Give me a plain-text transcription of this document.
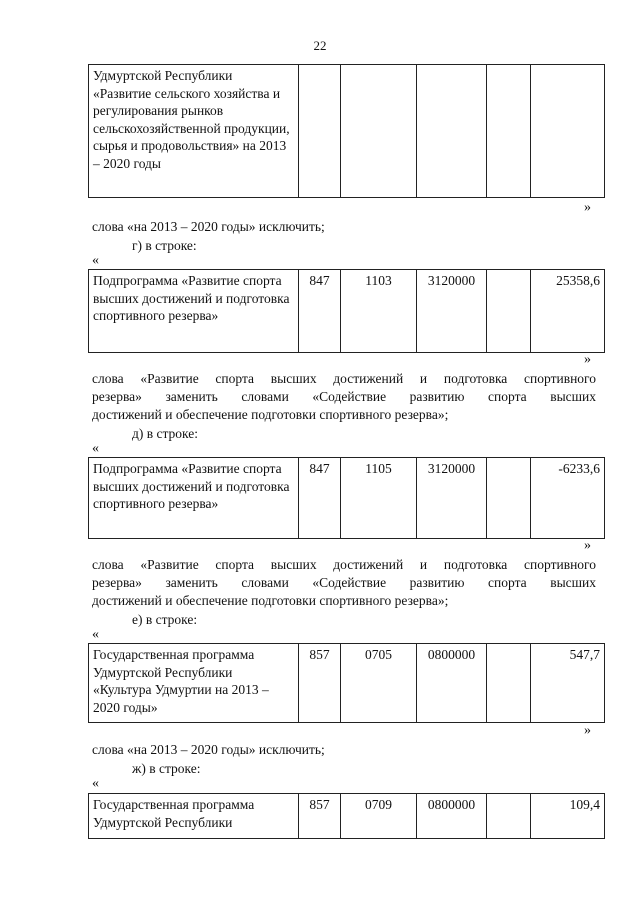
22
Удмуртской Республики «Развитие сельского хозяйства и регулирования рынков сельскохозяйственной продукции, сырья и продовольствия» на 2013 – 2020 годы					
»
слова «на 2013 – 2020 годы» исключить;
г) в строке:
«
Подпрограмма «Развитие спорта высших достижений и подготовка спортивного резерва»	847	1103	3120000		25358,6
»
слова «Развитие спорта высших достижений и подготовка спортивного
резерва» заменить словами «Содействие развитию спорта высших
достижений и обеспечение подготовки спортивного резерва»;
д) в строке:
«
Подпрограмма «Развитие спорта высших достижений и подготовка спортивного резерва»	847	1105	3120000		-6233,6
»
слова «Развитие спорта высших достижений и подготовка спортивного
резерва» заменить словами «Содействие развитию спорта высших
достижений и обеспечение подготовки спортивного резерва»;
е) в строке:
«
Государственная программа Удмуртской Республики «Культура Удмуртии на 2013 – 2020 годы»	857	0705	0800000		547,7
»
слова «на 2013 – 2020 годы» исключить;
ж) в строке:
«
Государственная программа Удмуртской Республики	857	0709	0800000		109,4
